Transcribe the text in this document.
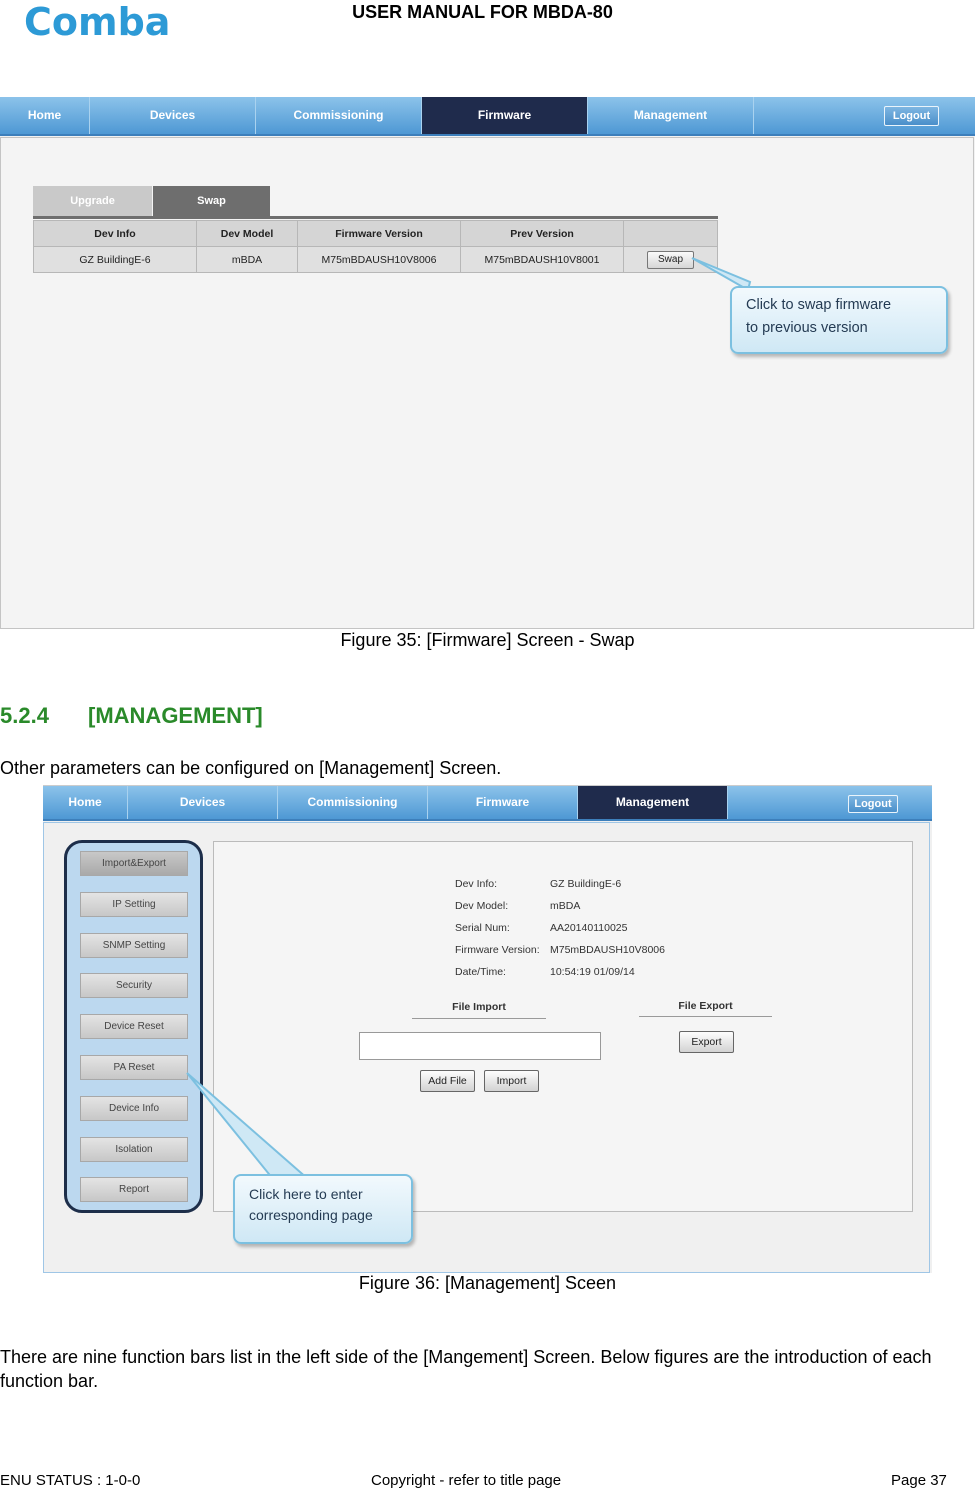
Comba	USER MANUAL FOR MBDA-80
Home	Devices	Commissioning	Firmware	Management	Logout
Upgrade	Swap
Dev Info	Dev Model	Firmware Version	Prev Version	
GZ BuildingE-6	mBDA	M75mBDAUSH10V8006	M75mBDAUSH10V8001	Swap
Click to swap firmware
to previous version
Figure 35: [Firmware] Screen - Swap
5.2.4 [MANAGEMENT]
Other parameters can be configured on [Management] Screen.
Home	Devices	Commissioning	Firmware	Management	Logout
Import&Export
IP Setting
SNMP Setting
Security
Device Reset
PA Reset
Device Info
Isolation
Report
Dev Info:	GZ BuildingE-6
Dev Model:	mBDA
Serial Num:	AA20140110025
Firmware Version: M75mBDAUSH10V8006
Date/Time:	10:54:19 01/09/14
File Import	File Export
Export
Add File	Import
Click here to enter
corresponding page
Figure 36: [Management] Sceen
There are nine function bars list in the left side of the [Mangement] Screen. Below figures are the introduction of each function bar.
ENU STATUS : 1-0-0	Copyright - refer to title page	Page 37
